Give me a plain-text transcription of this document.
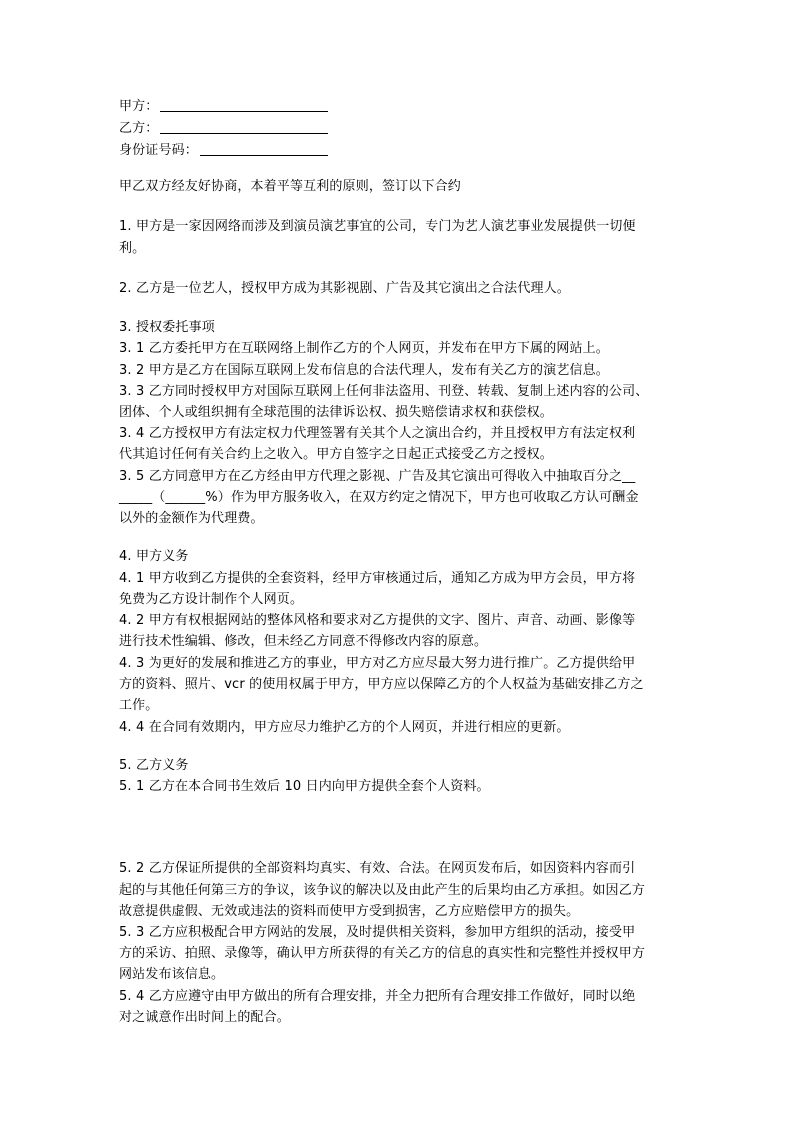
甲方：
乙方：
身份证号码：
甲乙双方经友好协商，本着平等互利的原则，签订以下合约
1. 甲方是一家因网络而涉及到演员演艺事宜的公司，专门为艺人演艺事业发展提供一切便
利。
2. 乙方是一位艺人，授权甲方成为其影视剧、广告及其它演出之合法代理人。
3. 授权委托事项
3. 1 乙方委托甲方在互联网络上制作乙方的个人网页，并发布在甲方下属的网站上。
3. 2 甲方是乙方在国际互联网上发布信息的合法代理人，发布有关乙方的演艺信息。
3. 3 乙方同时授权甲方对国际互联网上任何非法盗用、刊登、转载、复制上述内容的公司、
团体、个人或组织拥有全球范围的法律诉讼权、损失赔偿请求权和获偿权。
3. 4 乙方授权甲方有法定权力代理签署有关其个人之演出合约，并且授权甲方有法定权利
代其追讨任何有关合约上之收入。甲方自签字之日起正式接受乙方之授权。
3. 5 乙方同意甲方在乙方经由甲方代理之影视、广告及其它演出可得收入中抽取百分之__
_____（______%）作为甲方服务收入，在双方约定之情况下，甲方也可收取乙方认可酬金
以外的金额作为代理费。
4. 甲方义务
4. 1 甲方收到乙方提供的全套资料，经甲方审核通过后，通知乙方成为甲方会员，甲方将
免费为乙方设计制作个人网页。
4. 2 甲方有权根据网站的整体风格和要求对乙方提供的文字、图片、声音、动画、影像等
进行技术性编辑、修改，但未经乙方同意不得修改内容的原意。
4. 3 为更好的发展和推进乙方的事业，甲方对乙方应尽最大努力进行推广。乙方提供给甲
方的资料、照片、vcr 的使用权属于甲方，甲方应以保障乙方的个人权益为基础安排乙方之
工作。
4. 4 在合同有效期内，甲方应尽力维护乙方的个人网页，并进行相应的更新。
5. 乙方义务
5. 1 乙方在本合同书生效后 10 日内向甲方提供全套个人资料。
5. 2 乙方保证所提供的全部资料均真实、有效、合法。在网页发布后，如因资料内容而引
起的与其他任何第三方的争议，该争议的解决以及由此产生的后果均由乙方承担。如因乙方
故意提供虚假、无效或违法的资料而使甲方受到损害，乙方应赔偿甲方的损失。
5. 3 乙方应积极配合甲方网站的发展，及时提供相关资料，参加甲方组织的活动，接受甲
方的采访、拍照、录像等，确认甲方所获得的有关乙方的信息的真实性和完整性并授权甲方
网站发布该信息。
5. 4 乙方应遵守由甲方做出的所有合理安排，并全力把所有合理安排工作做好，同时以绝
对之诚意作出时间上的配合。
